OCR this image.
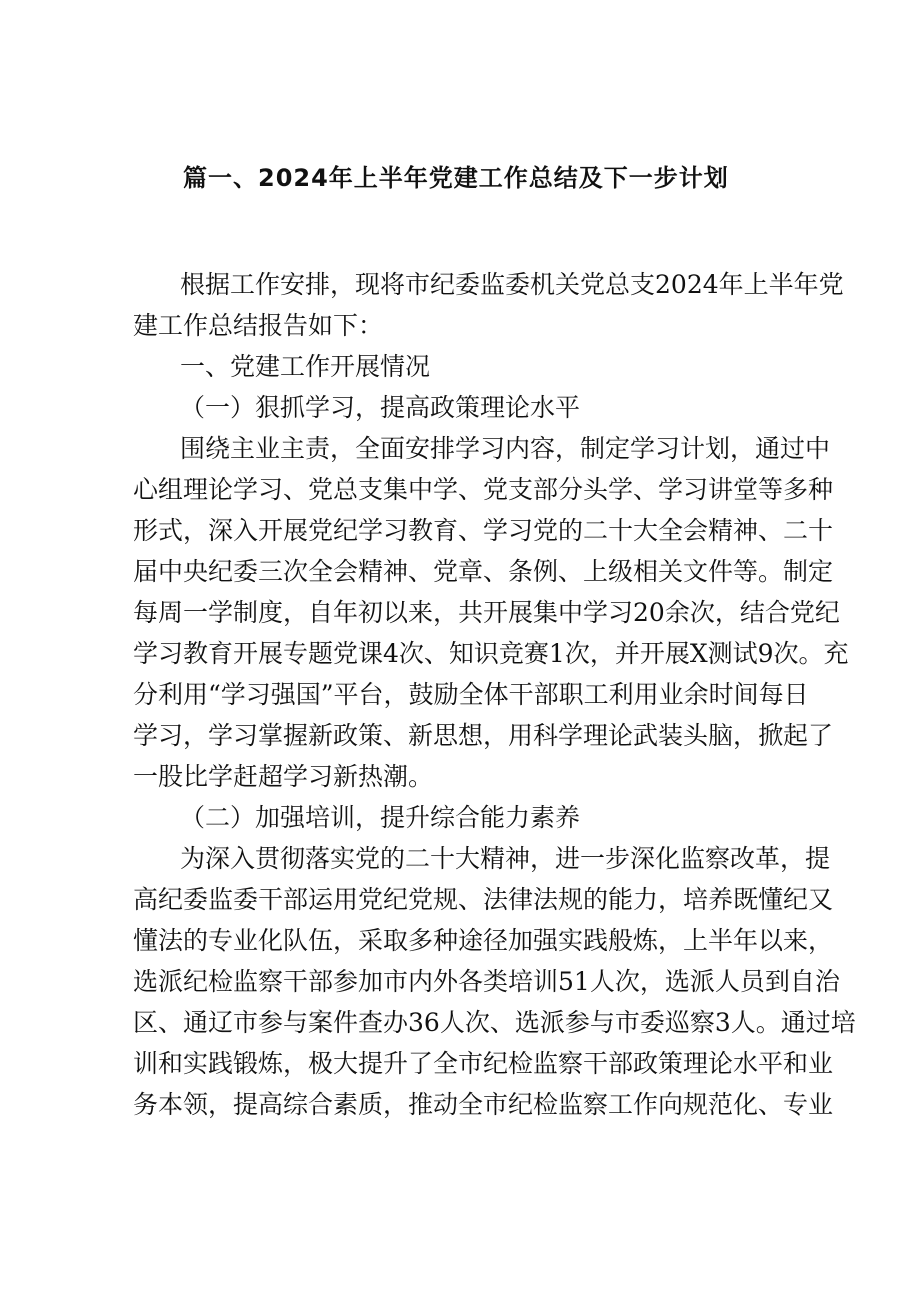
篇一、2024年上半年党建工作总结及下一步计划
根据工作安排，现将市纪委监委机关党总支2024年上半年党
建工作总结报告如下：
一、党建工作开展情况
（一）狠抓学习，提高政策理论水平
围绕主业主责，全面安排学习内容，制定学习计划，通过中
心组理论学习、党总支集中学、党支部分头学、学习讲堂等多种
形式，深入开展党纪学习教育、学习党的二十大全会精神、二十
届中央纪委三次全会精神、党章、条例、上级相关文件等。制定
每周一学制度，自年初以来，共开展集中学习20余次，结合党纪
学习教育开展专题党课4次、知识竞赛1次，并开展X测试9次。充
分利用“学习强国”平台，鼓励全体干部职工利用业余时间每日
学习，学习掌握新政策、新思想，用科学理论武装头脑，掀起了
一股比学赶超学习新热潮。
（二）加强培训，提升综合能力素养
为深入贯彻落实党的二十大精神，进一步深化监察改革，提
高纪委监委干部运用党纪党规、法律法规的能力，培养既懂纪又
懂法的专业化队伍，采取多种途径加强实践般炼，上半年以来，
选派纪检监察干部参加市内外各类培训51人次，选派人员到自治
区、通辽市参与案件查办36人次、选派参与市委巡察3人。通过培
训和实践锻炼，极大提升了全市纪检监察干部政策理论水平和业
务本领，提高综合素质，推动全市纪检监察工作向规范化、专业
